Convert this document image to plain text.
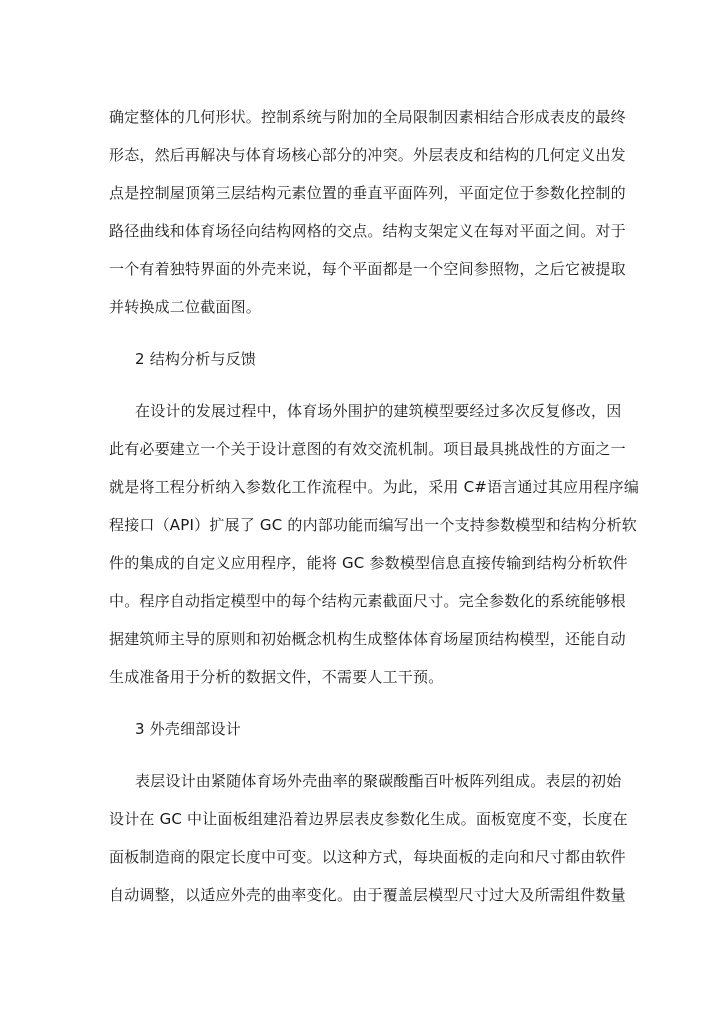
确定整体的几何形状。控制系统与附加的全局限制因素相结合形成表皮的最终
形态，然后再解决与体育场核心部分的冲突。外层表皮和结构的几何定义出发
点是控制屋顶第三层结构元素位置的垂直平面阵列，平面定位于参数化控制的
路径曲线和体育场径向结构网格的交点。结构支架定义在每对平面之间。对于
一个有着独特界面的外壳来说，每个平面都是一个空间参照物，之后它被提取
并转换成二位截面图。
2 结构分析与反馈
在设计的发展过程中，体育场外围护的建筑模型要经过多次反复修改，因
此有必要建立一个关于设计意图的有效交流机制。项目最具挑战性的方面之一
就是将工程分析纳入参数化工作流程中。为此，采用 C#语言通过其应用程序编
程接口（API）扩展了 GC 的内部功能而编写出一个支持参数模型和结构分析软
件的集成的自定义应用程序，能将 GC 参数模型信息直接传输到结构分析软件
中。程序自动指定模型中的每个结构元素截面尺寸。完全参数化的系统能够根
据建筑师主导的原则和初始概念机构生成整体体育场屋顶结构模型，还能自动
生成准备用于分析的数据文件，不需要人工干预。
3 外壳细部设计
表层设计由紧随体育场外壳曲率的聚碳酸酯百叶板阵列组成。表层的初始
设计在 GC 中让面板组建沿着边界层表皮参数化生成。面板宽度不变，长度在
面板制造商的限定长度中可变。以这种方式，每块面板的走向和尺寸都由软件
自动调整，以适应外壳的曲率变化。由于覆盖层模型尺寸过大及所需组件数量
